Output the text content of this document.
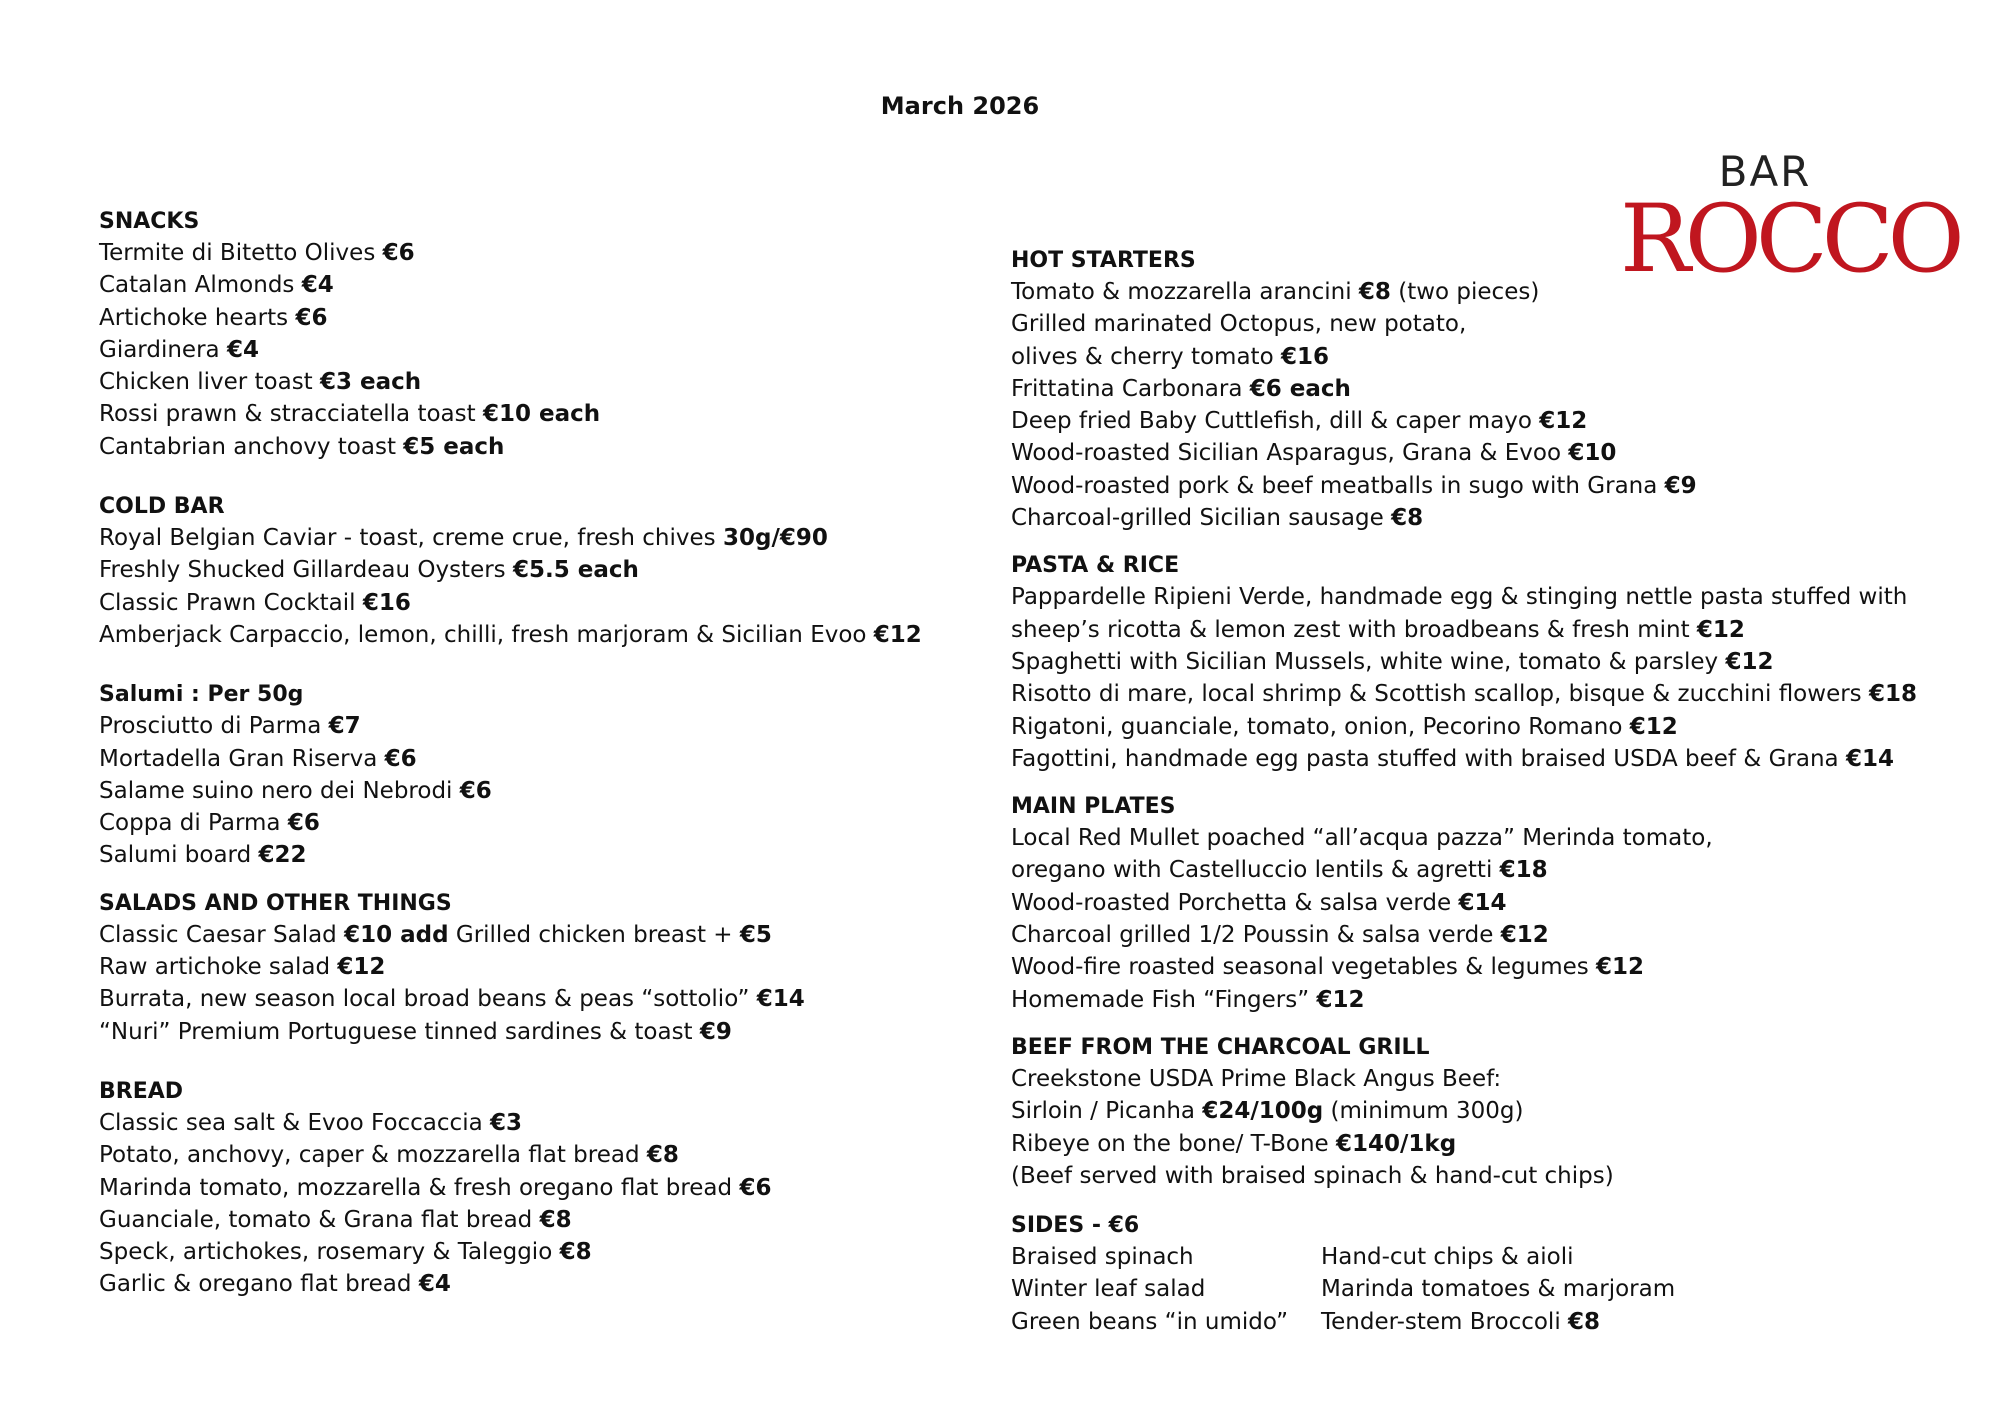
March 2026
BAR
ROCCO
SNACKS
Termite di Bitetto Olives €6
Catalan Almonds €4
Artichoke hearts €6
Giardinera €4
Chicken liver toast €3 each
Rossi prawn & stracciatella toast €10 each
Cantabrian anchovy toast €5 each
COLD BAR
Royal Belgian Caviar - toast, creme crue, fresh chives 30g/€90
Freshly Shucked Gillardeau Oysters €5.5 each
Classic Prawn Cocktail €16
Amberjack Carpaccio, lemon, chilli, fresh marjoram & Sicilian Evoo €12
Salumi : Per 50g
Prosciutto di Parma €7
Mortadella Gran Riserva €6
Salame suino nero dei Nebrodi €6
Coppa di Parma €6
Salumi board €22
SALADS AND OTHER THINGS
Classic Caesar Salad €10 add Grilled chicken breast + €5
Raw artichoke salad €12
Burrata, new season local broad beans & peas “sottolio” €14
“Nuri” Premium Portuguese tinned sardines & toast €9
BREAD
Classic sea salt & Evoo Foccaccia €3
Potato, anchovy, caper & mozzarella flat bread €8
Marinda tomato, mozzarella & fresh oregano flat bread €6
Guanciale, tomato & Grana flat bread €8
Speck, artichokes, rosemary & Taleggio €8
Garlic & oregano flat bread €4
HOT STARTERS
Tomato & mozzarella arancini €8 (two pieces)
Grilled marinated Octopus, new potato,
olives & cherry tomato €16
Frittatina Carbonara €6 each
Deep fried Baby Cuttlefish, dill & caper mayo €12
Wood-roasted Sicilian Asparagus, Grana & Evoo €10
Wood-roasted pork & beef meatballs in sugo with Grana €9
Charcoal-grilled Sicilian sausage €8
PASTA & RICE
Pappardelle Ripieni Verde, handmade egg & stinging nettle pasta stuffed with
sheep’s ricotta & lemon zest with broadbeans & fresh mint €12
Spaghetti with Sicilian Mussels, white wine, tomato & parsley €12
Risotto di mare, local shrimp & Scottish scallop, bisque & zucchini flowers €18
Rigatoni, guanciale, tomato, onion, Pecorino Romano €12
Fagottini, handmade egg pasta stuffed with braised USDA beef & Grana €14
MAIN PLATES
Local Red Mullet poached “all’acqua pazza” Merinda tomato,
oregano with Castelluccio lentils & agretti €18
Wood-roasted Porchetta & salsa verde €14
Charcoal grilled 1/2 Poussin & salsa verde €12
Wood-fire roasted seasonal vegetables & legumes €12
Homemade Fish “Fingers” €12
BEEF FROM THE CHARCOAL GRILL
Creekstone USDA Prime Black Angus Beef:
Sirloin / Picanha €24/100g (minimum 300g)
Ribeye on the bone/ T-Bone €140/1kg
(Beef served with braised spinach & hand-cut chips)
SIDES - €6
Braised spinach
Winter leaf salad
Green beans “in umido”
Hand-cut chips & aioli
Marinda tomatoes & marjoram
Tender-stem Broccoli €8
